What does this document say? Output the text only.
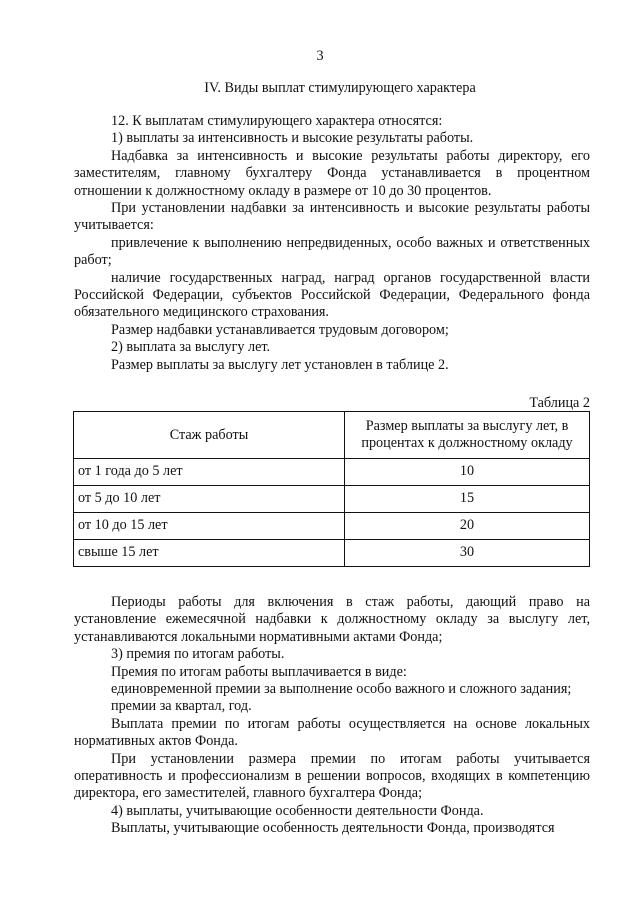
3
IV. Виды выплат стимулирующего характера

12. К выплатам стимулирующего характера относятся:

1) выплаты за интенсивность и высокие результаты работы.

Надбавка за интенсивность и высокие результаты работы директору, его заместителям, главному бухгалтеру Фонда устанавливается в процентном отношении к должностному окладу в размере от 10 до 30 процентов.

При установлении надбавки за интенсивность и высокие результаты работы учитывается:

привлечение к выполнению непредвиденных, особо важных и ответственных работ;

наличие государственных наград, наград органов государственной власти Российской Федерации, субъектов Российской Федерации, Федерального фонда обязательного медицинского страхования.

Размер надбавки устанавливается трудовым договором;

2) выплата за выслугу лет.

Размер выплаты за выслугу лет установлен в таблице 2.

Таблица 2
Стаж работы	Размер выплаты за выслугу лет, в процентах к должностному окладу
от 1 года до 5 лет	10
от 5 до 10 лет	15
от 10 до 15 лет	20
свыше 15 лет	30

Периоды работы для включения в стаж работы, дающий право на установление ежемесячной надбавки к должностному окладу за выслугу лет, устанавливаются локальными нормативными актами Фонда;

3) премия по итогам работы.

Премия по итогам работы выплачивается в виде:

единовременной премии за выполнение особо важного и сложного задания;

премии за квартал, год.

Выплата премии по итогам работы осуществляется на основе локальных нормативных актов Фонда.

При установлении размера премии по итогам работы учитывается оперативность и профессионализм в решении вопросов, входящих в компетенцию директора, его заместителей, главного бухгалтера Фонда;

4) выплаты, учитывающие особенности деятельности Фонда.

Выплаты, учитывающие особенность деятельности Фонда, производятся
